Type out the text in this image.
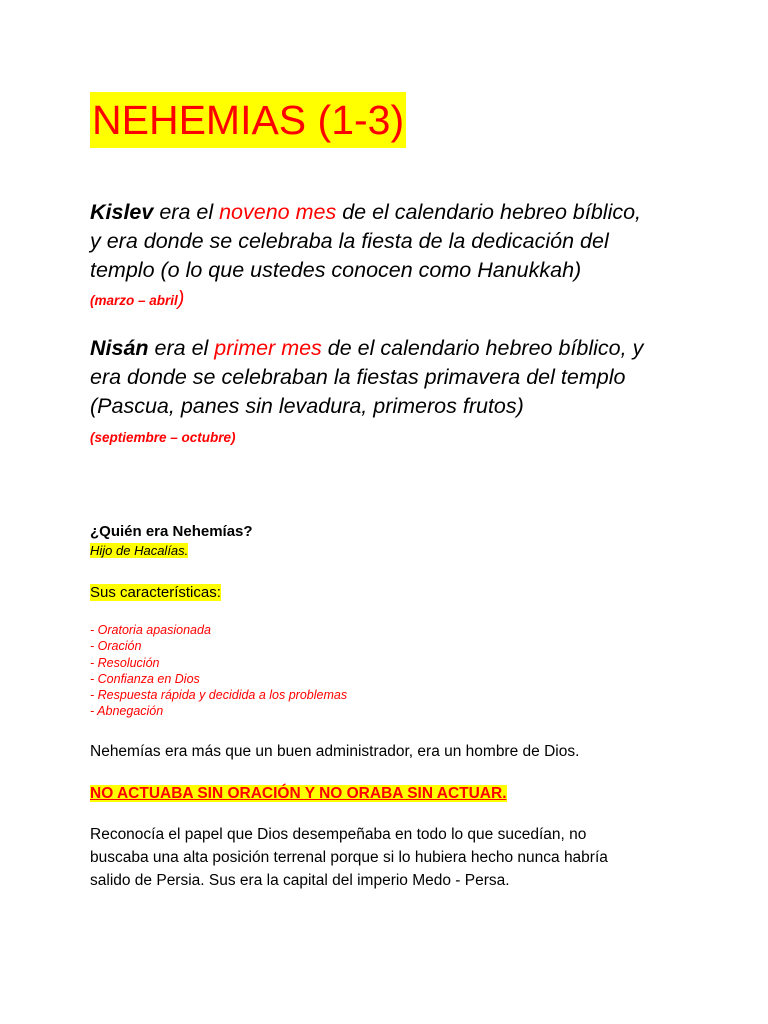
NEHEMIAS (1-3)
Kislev era el noveno mes de el calendario hebreo bíblico,
y era donde se celebraba la fiesta de la dedicación del
templo (o lo que ustedes conocen como Hanukkah)
(marzo – abril)
Nisán era el primer mes de el calendario hebreo bíblico, y
era donde se celebraban la fiestas primavera del templo
(Pascua, panes sin levadura, primeros frutos)
(septiembre – octubre)

¿Quién era Nehemías?

Hijo de Hacalías.

Sus características:

- Oratoria apasionada
- Oración
- Resolución
- Confianza en Dios
- Respuesta rápida y decidida a los problemas
- Abnegación

Nehemías era más que un buen administrador, era un hombre de Dios.

NO ACTUABA SIN ORACIÓN Y NO ORABA SIN ACTUAR.

Reconocía el papel que Dios desempeñaba en todo lo que sucedían, no
buscaba una alta posición terrenal porque si lo hubiera hecho nunca habría
salido de Persia. Sus era la capital del imperio Medo - Persa.
